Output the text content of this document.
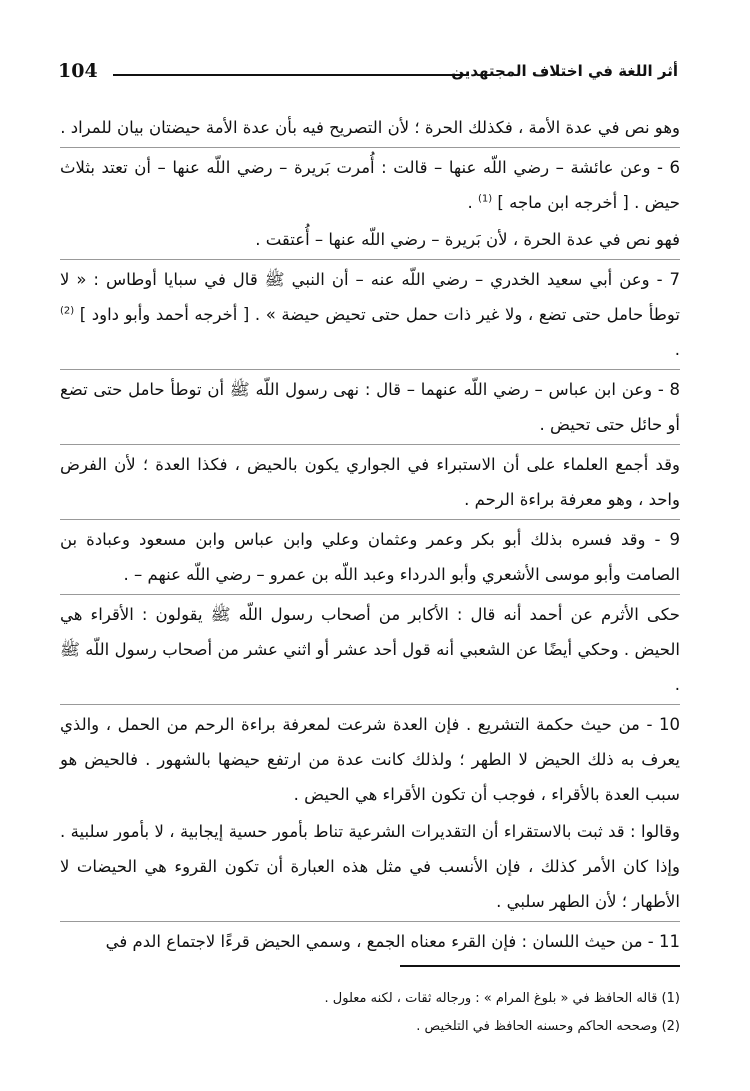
104	أثر اللغة في اختلاف المجتهدين

وهو نص في عدة الأمة ، فكذلك الحرة ؛ لأن التصريح فيه بأن عدة الأمة حيضتان بيان للمراد .

6 - وعن عائشة – رضي اللّه عنها – قالت : أُمرت بَريرة – رضي اللّه عنها – أن تعتد بثلاث حيض . [ أخرجه ابن ماجه ] $^{(1)}$ .

فهو نص في عدة الحرة ، لأن بَريرة – رضي اللّه عنها – أُعتقت .

7 - وعن أبي سعيد الخدري – رضي اللّه عنه – أن النبي ﷺ قال في سبايا أوطاس : « لا توطأ حامل حتى تضع ، ولا غير ذات حمل حتى تحيض حيضة » . [ أخرجه أحمد وأبو داود ] $^{(2)}$ .

8 - وعن ابن عباس – رضي اللّه عنهما – قال : نهى رسول اللّه ﷺ أن توطأ حامل حتى تضع أو حائل حتى تحيض .

وقد أجمع العلماء على أن الاستبراء في الجواري يكون بالحيض ، فكذا العدة ؛ لأن الفرض واحد ، وهو معرفة براءة الرحم .

9 - وقد فسره بذلك أبو بكر وعمر وعثمان وعلي وابن عباس وابن مسعود وعبادة بن الصامت وأبو موسى الأشعري وأبو الدرداء وعبد اللّه بن عمرو – رضي اللّه عنهم – .

حكى الأثرم عن أحمد أنه قال : الأكابر من أصحاب رسول اللّه ﷺ يقولون : الأقراء هي الحيض . وحكي أيضًا عن الشعبي أنه قول أحد عشر أو اثني عشر من أصحاب رسول اللّه ﷺ .

10 - من حيث حكمة التشريع . فإن العدة شرعت لمعرفة براءة الرحم من الحمل ، والذي يعرف به ذلك الحيض لا الطهر ؛ ولذلك كانت عدة من ارتفع حيضها بالشهور . فالحيض هو سبب العدة بالأقراء ، فوجب أن تكون الأقراء هي الحيض .

وقالوا : قد ثبت بالاستقراء أن التقديرات الشرعية تناط بأمور حسية إيجابية ، لا بأمور سلبية . وإذا كان الأمر كذلك ، فإن الأنسب في مثل هذه العبارة أن تكون القروء هي الحيضات لا الأطهار ؛ لأن الطهر سلبي .

11 - من حيث اللسان : فإن القرء معناه الجمع ، وسمي الحيض قرءًا لاجتماع الدم في

(1) قاله الحافظ في « بلوغ المرام » : ورجاله ثقات ، لكنه معلول .

(2) وصححه الحاكم وحسنه الحافظ في التلخيص .
